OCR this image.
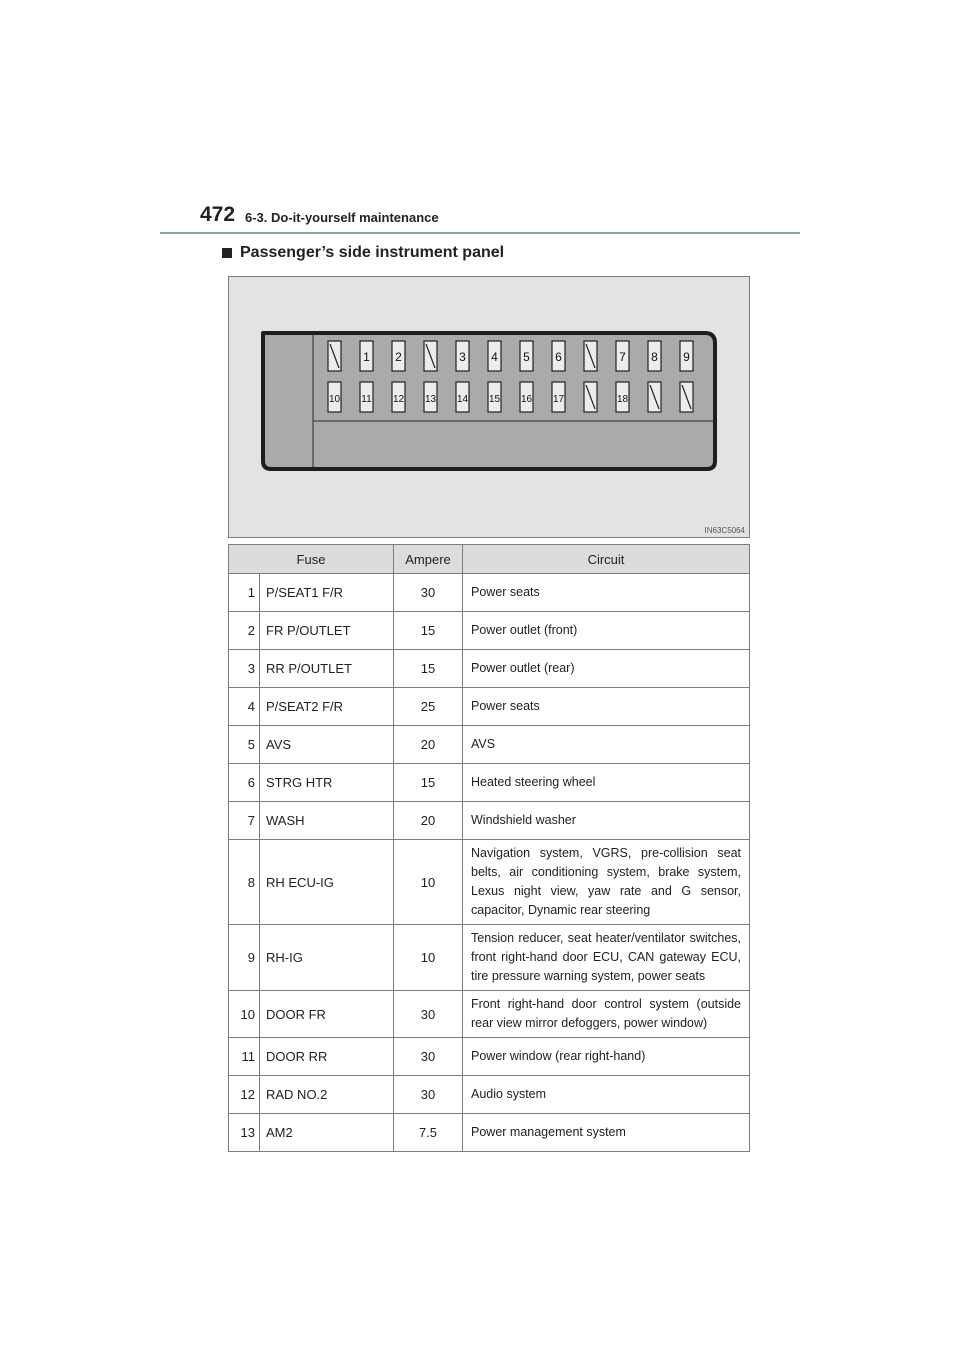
472 6-3. Do-it-yourself maintenance
Passenger’s side instrument panel
1 2	3 4 5 6	7 8 9
10 11 12 13 14 15 16 17	18
IN63C5064
Fuse		Ampere	Circuit
1	P/SEAT1 F/R	30	Power seats
2	FR P/OUTLET	15	Power outlet (front)
3	RR P/OUTLET	15	Power outlet (rear)
4	P/SEAT2 F/R	25	Power seats
5	AVS	20	AVS
6	STRG HTR	15	Heated steering wheel
7	WASH	20	Windshield washer
8	RH ECU-IG	10	Navigation system, VGRS, pre-collision seat belts, air conditioning system, brake system, Lexus night view, yaw rate and G sensor, capacitor, Dynamic rear steering
9	RH-IG	10	Tension reducer, seat heater/ventilator switches, front right-hand door ECU, CAN gateway ECU, tire pressure warning system, power seats
10	DOOR FR	30	Front right-hand door control system (outside rear view mirror defoggers, power window)
11	DOOR RR	30	Power window (rear right-hand)
12	RAD NO.2	30	Audio system
13	AM2	7.5	Power management system
